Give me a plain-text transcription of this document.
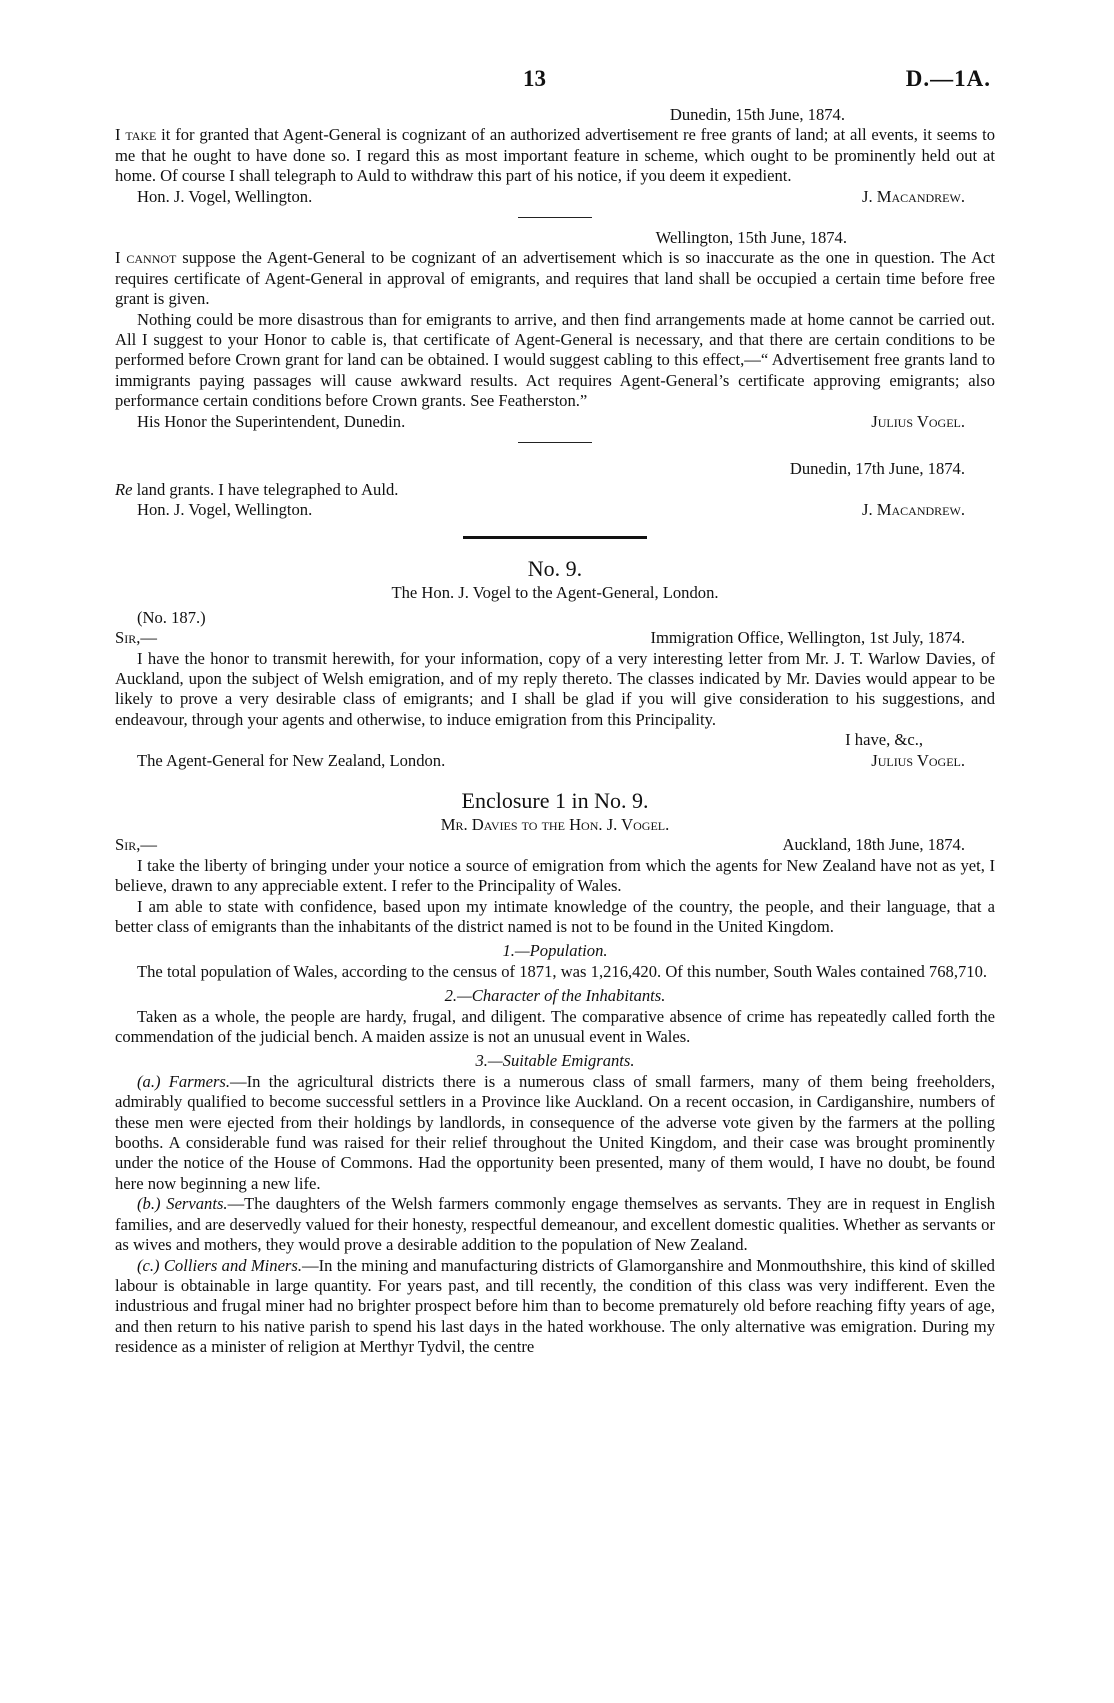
13	D.—1A.

Dunedin, 15th June, 1874.

I take it for granted that Agent-General is cognizant of an authorized advertisement re free grants of land; at all events, it seems to me that he ought to have done so. I regard this as most important feature in scheme, which ought to be prominently held out at home. Of course I shall telegraph to Auld to withdraw this part of his notice, if you deem it expedient.

Hon. J. Vogel, Wellington.	J. Macandrew.

Wellington, 15th June, 1874.

I cannot suppose the Agent-General to be cognizant of an advertisement which is so inaccurate as the one in question. The Act requires certificate of Agent-General in approval of emigrants, and requires that land shall be occupied a certain time before free grant is given.

Nothing could be more disastrous than for emigrants to arrive, and then find arrangements made at home cannot be carried out. All I suggest to your Honor to cable is, that certificate of Agent-General is necessary, and that there are certain conditions to be performed before Crown grant for land can be obtained. I would suggest cabling to this effect,—“ Advertisement free grants land to immigrants paying passages will cause awkward results. Act requires Agent-General’s certificate approving emigrants; also performance certain conditions before Crown grants. See Featherston.”

His Honor the Superintendent, Dunedin.	Julius Vogel.

Dunedin, 17th June, 1874.

Re land grants. I have telegraphed to Auld.

Hon. J. Vogel, Wellington.	J. Macandrew.
No. 9.
The Hon. J. Vogel to the Agent-General, London.

(No. 187.)

Sir,—	Immigration Office, Wellington, 1st July, 1874.

I have the honor to transmit herewith, for your information, copy of a very interesting letter from Mr. J. T. Warlow Davies, of Auckland, upon the subject of Welsh emigration, and of my reply thereto. The classes indicated by Mr. Davies would appear to be likely to prove a very desirable class of emigrants; and I shall be glad if you will give consideration to his suggestions, and endeavour, through your agents and otherwise, to induce emigration from this Principality.

I have, &c.,

The Agent-General for New Zealand, London.	Julius Vogel.
Enclosure 1 in No. 9.
Mr. Davies to the Hon. J. Vogel.
Sir,—	Auckland, 18th June, 1874.

I take the liberty of bringing under your notice a source of emigration from which the agents for New Zealand have not as yet, I believe, drawn to any appreciable extent. I refer to the Principality of Wales.

I am able to state with confidence, based upon my intimate knowledge of the country, the people, and their language, that a better class of emigrants than the inhabitants of the district named is not to be found in the United Kingdom.

1.—Population.

The total population of Wales, according to the census of 1871, was 1,216,420. Of this number, South Wales contained 768,710.

2.—Character of the Inhabitants.

Taken as a whole, the people are hardy, frugal, and diligent. The comparative absence of crime has repeatedly called forth the commendation of the judicial bench. A maiden assize is not an unusual event in Wales.

3.—Suitable Emigrants.

(a.) Farmers.—In the agricultural districts there is a numerous class of small farmers, many of them being freeholders, admirably qualified to become successful settlers in a Province like Auckland. On a recent occasion, in Cardiganshire, numbers of these men were ejected from their holdings by landlords, in consequence of the adverse vote given by the farmers at the polling booths. A considerable fund was raised for their relief throughout the United Kingdom, and their case was brought prominently under the notice of the House of Commons. Had the opportunity been presented, many of them would, I have no doubt, be found here now beginning a new life.

(b.) Servants.—The daughters of the Welsh farmers commonly engage themselves as servants. They are in request in English families, and are deservedly valued for their honesty, respectful demeanour, and excellent domestic qualities. Whether as servants or as wives and mothers, they would prove a desirable addition to the population of New Zealand.

(c.) Colliers and Miners.—In the mining and manufacturing districts of Glamorganshire and Monmouthshire, this kind of skilled labour is obtainable in large quantity. For years past, and till recently, the condition of this class was very indifferent. Even the industrious and frugal miner had no brighter prospect before him than to become prematurely old before reaching fifty years of age, and then return to his native parish to spend his last days in the hated workhouse. The only alternative was emigration. During my residence as a minister of religion at Merthyr Tydvil, the centre
